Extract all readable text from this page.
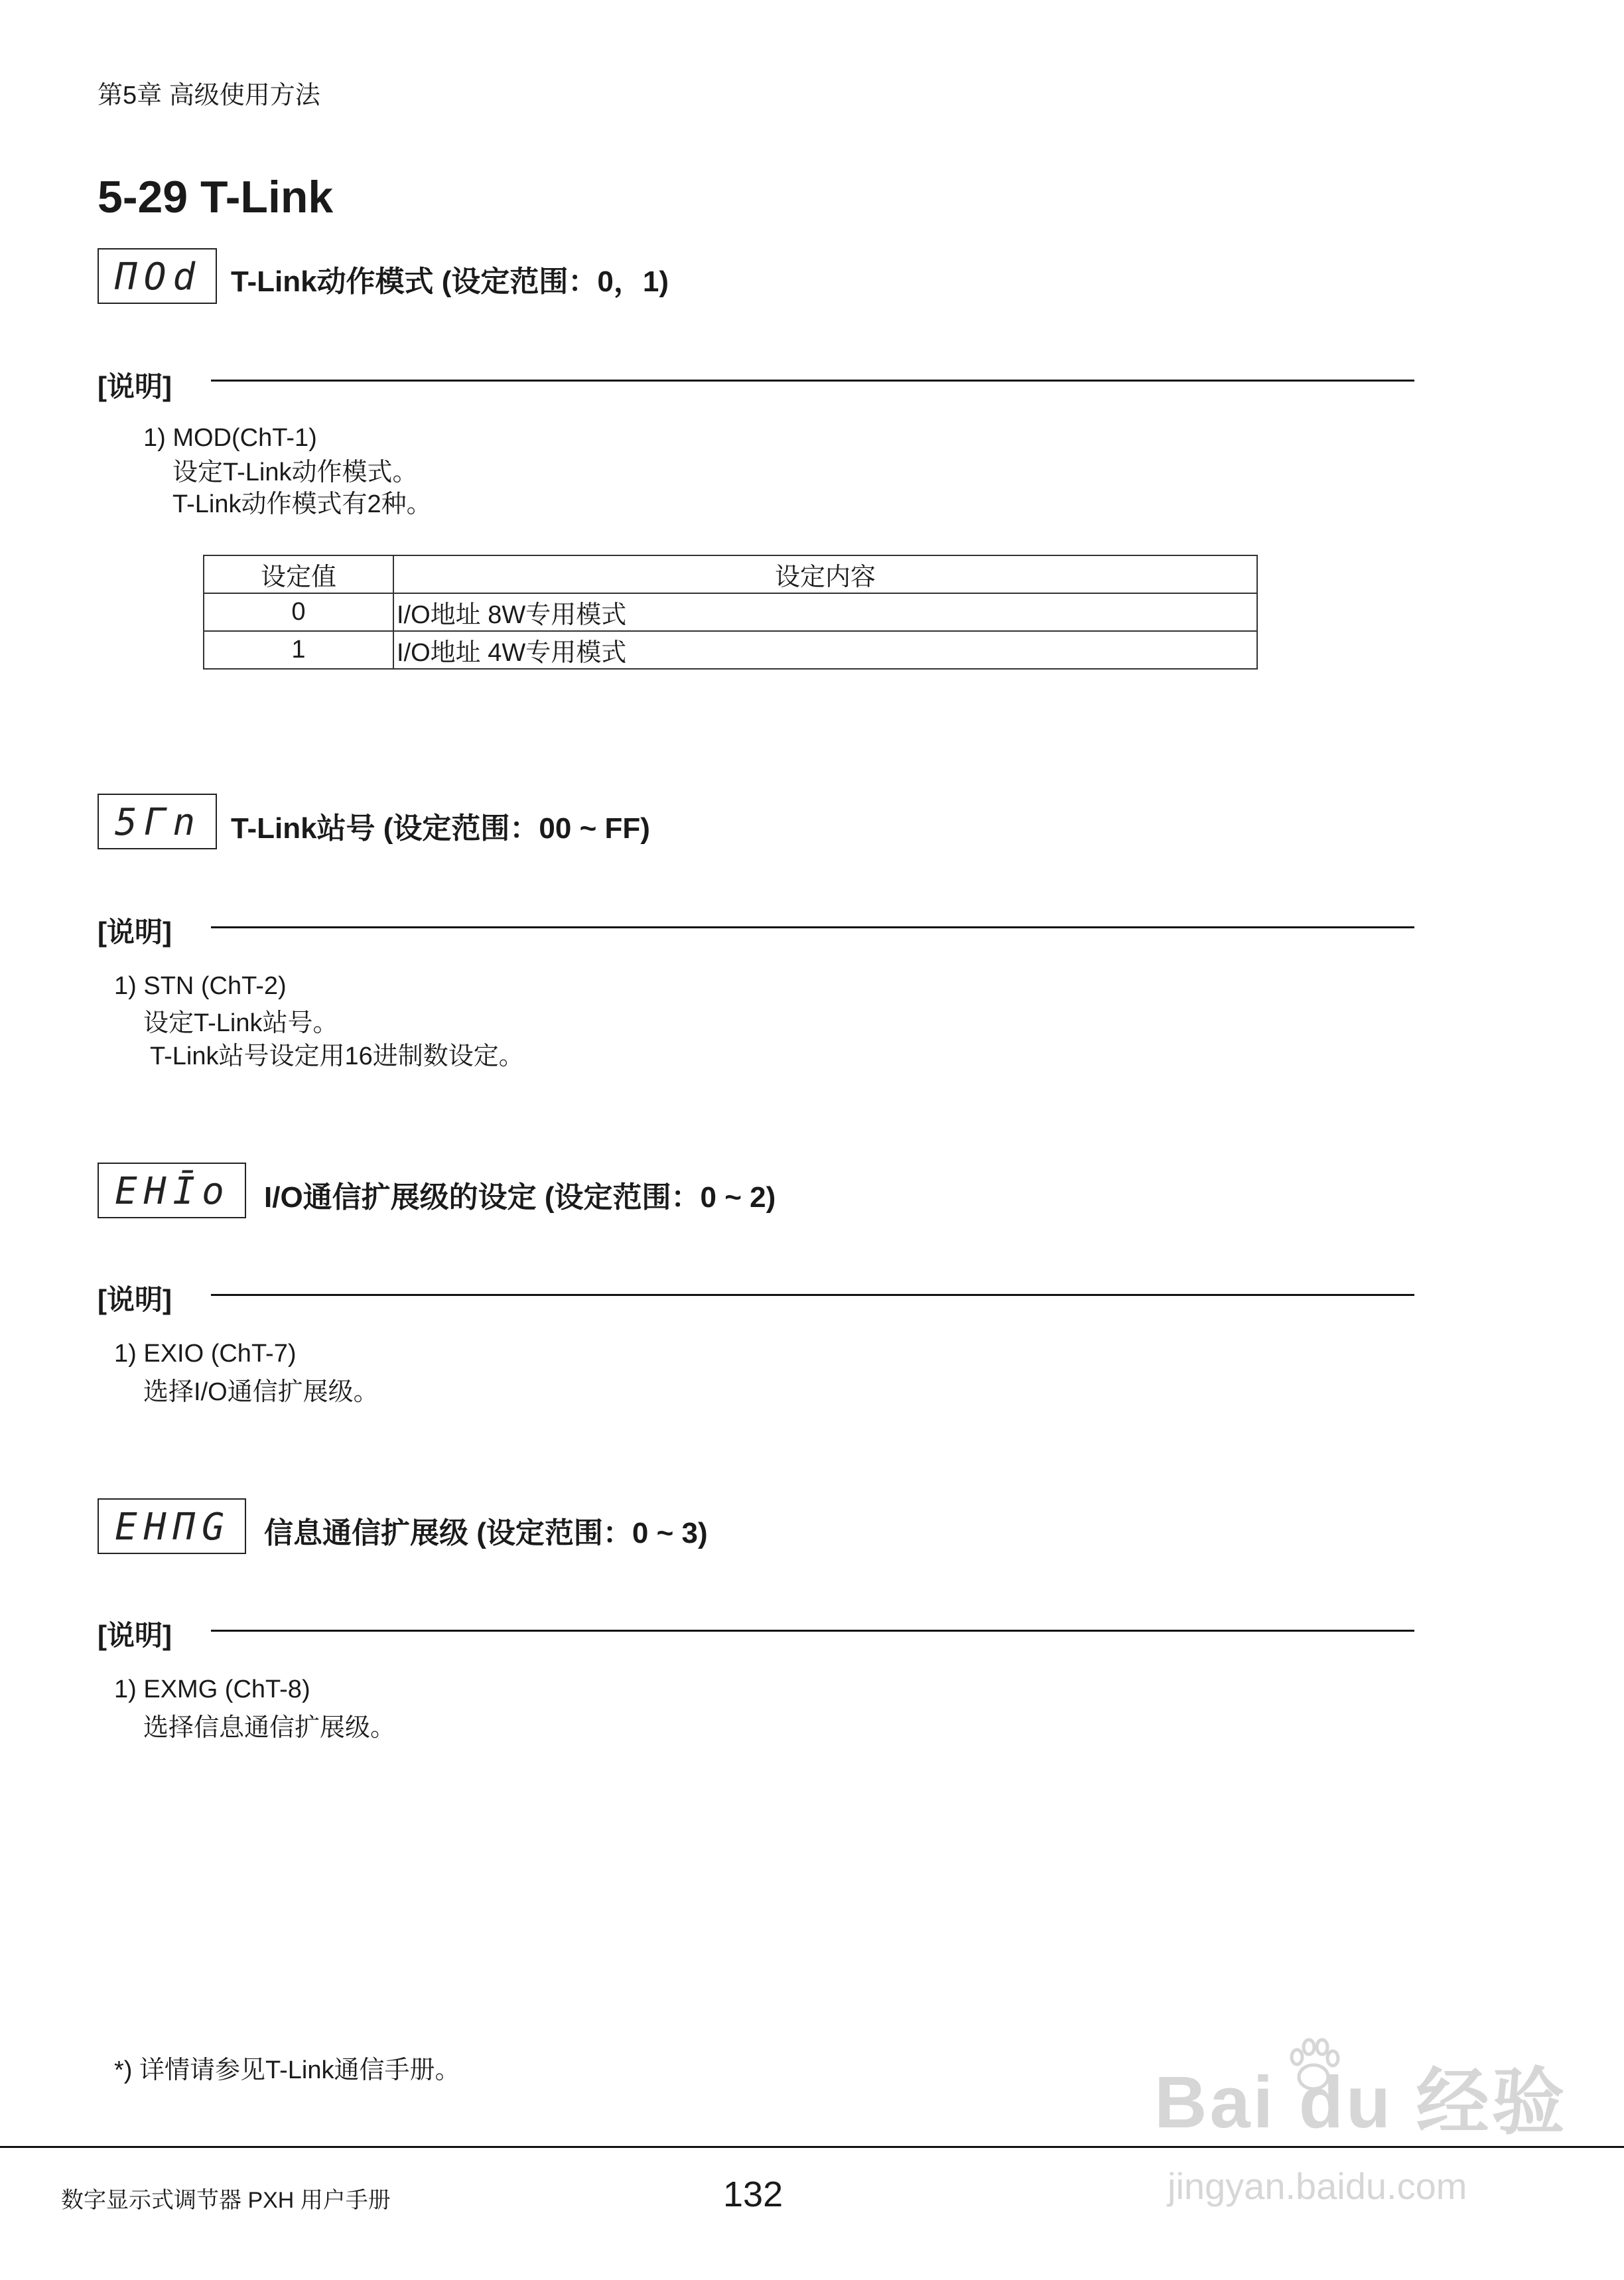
第5章 高级使用方法
5-29 T-Link
ΠOd T-Link动作模式 (设定范围：0，1)
[说明]
1) MOD(ChT-1)
设定T-Link动作模式。
T-Link动作模式有2种。
设定值	设定内容
0	I/O地址 8W专用模式
1	I/O地址 4W专用模式
5Γn T-Link站号 (设定范围：00 ~ FF)
[说明]
1) STN (ChT-2)
设定T-Link站号。
T-Link站号设定用16进制数设定。
EHĪo	I/O通信扩展级的设定 (设定范围：0 ~ 2)
[说明]
1) EXIO (ChT-7)
选择I/O通信扩展级。
EHΠG	信息通信扩展级 (设定范围：0 ~ 3)
[说明]
1) EXMG (ChT-8)
选择信息通信扩展级。
*) 详情请参见T-Link通信手册。
数字显示式调节器 PXH 用户手册	132
Bai du 经验
jingyan.baidu.com
